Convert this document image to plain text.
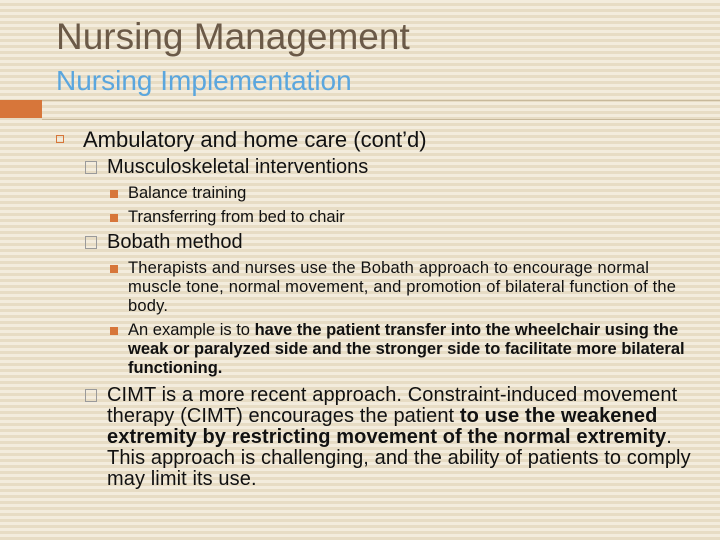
Nursing Management
Nursing Implementation
Ambulatory and home care (cont’d)
Musculoskeletal interventions
Balance training
Transferring from bed to chair
Bobath method
Therapists and nurses use the Bobath approach to encourage normal muscle tone, normal movement, and promotion of bilateral function of the body.
An example is to have the patient transfer into the wheelchair using the weak or paralyzed side and the stronger side to facilitate more bilateral functioning.
CIMT is a more recent approach. Constraint-induced movement therapy (CIMT) encourages the patient to use the weakened extremity by restricting movement of the normal extremity. This approach is challenging, and the ability of patients to comply may limit its use.
